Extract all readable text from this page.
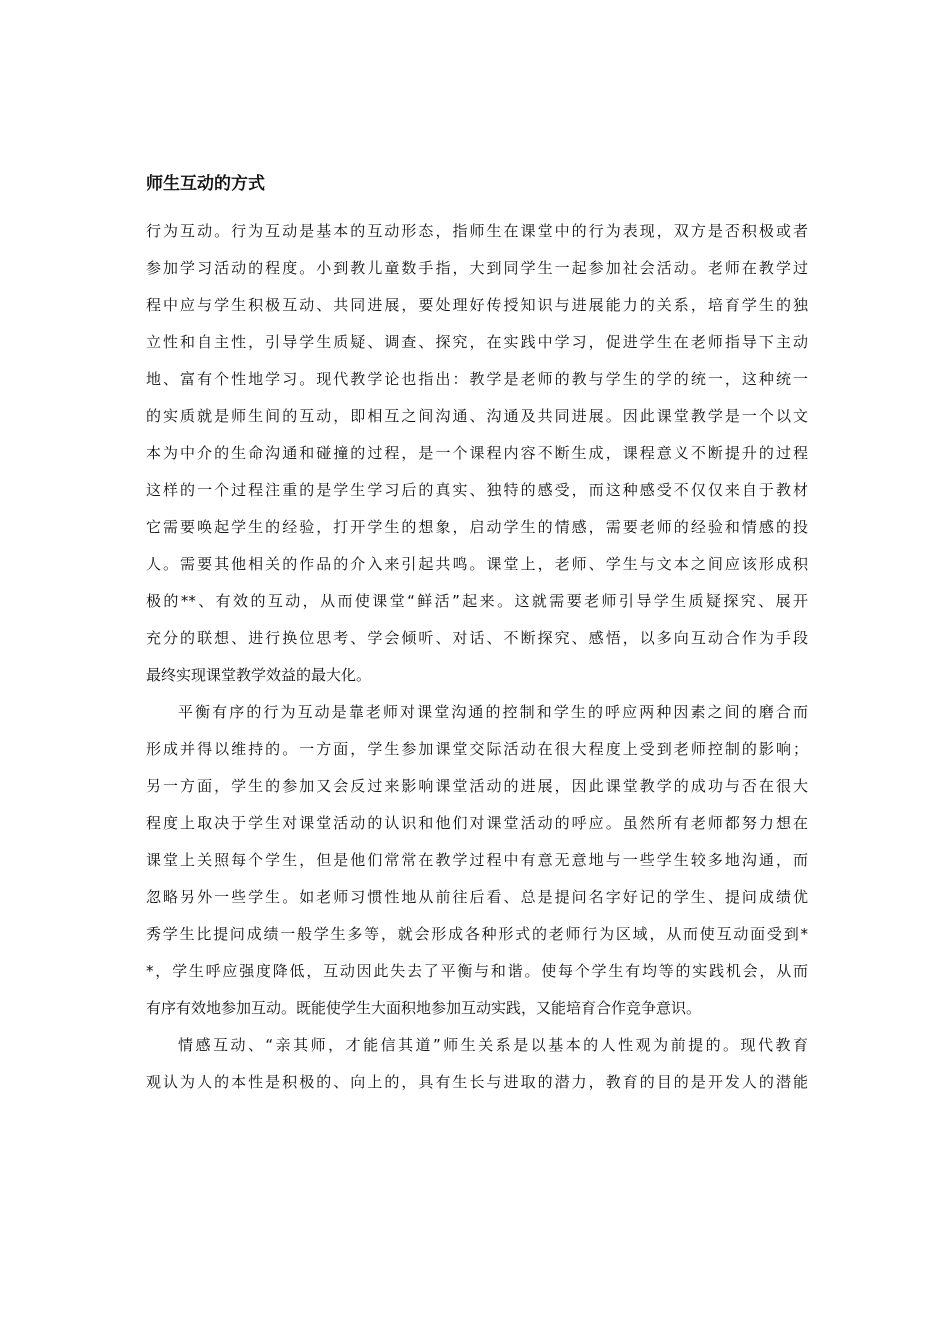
师生互动的方式

行为互动。行为互动是基本的互动形态，指师生在课堂中的行为表现，双方是否积极或者

参加学习活动的程度。小到教儿童数手指，大到同学生一起参加社会活动。老师在教学过

程中应与学生积极互动、共同进展，要处理好传授知识与进展能力的关系，培育学生的独

立性和自主性，引导学生质疑、调查、探究，在实践中学习，促进学生在老师指导下主动

地、富有个性地学习。现代教学论也指出：教学是老师的教与学生的学的统一，这种统一

的实质就是师生间的互动，即相互之间沟通、沟通及共同进展。因此课堂教学是一个以文

本为中介的生命沟通和碰撞的过程，是一个课程内容不断生成，课程意义不断提升的过程

这样的一个过程注重的是学生学习后的真实、独特的感受，而这种感受不仅仅来自于教材

它需要唤起学生的经验，打开学生的想象，启动学生的情感，需要老师的经验和情感的投

人。需要其他相关的作品的介入来引起共鸣。课堂上，老师、学生与文本之间应该形成积

极的**、有效的互动，从而使课堂“鲜活”起来。这就需要老师引导学生质疑探究、展开

充分的联想、进行换位思考、学会倾听、对话、不断探究、感悟，以多向互动合作为手段

最终实现课堂教学效益的最大化。

平衡有序的行为互动是靠老师对课堂沟通的控制和学生的呼应两种因素之间的磨合而

形成并得以维持的。一方面，学生参加课堂交际活动在很大程度上受到老师控制的影响；

另一方面，学生的参加又会反过来影响课堂活动的进展，因此课堂教学的成功与否在很大

程度上取决于学生对课堂活动的认识和他们对课堂活动的呼应。虽然所有老师都努力想在

课堂上关照每个学生，但是他们常常在教学过程中有意无意地与一些学生较多地沟通，而

忽略另外一些学生。如老师习惯性地从前往后看、总是提问名字好记的学生、提问成绩优

秀学生比提问成绩一般学生多等，就会形成各种形式的老师行为区域，从而使互动面受到*

*，学生呼应强度降低，互动因此失去了平衡与和谐。使每个学生有均等的实践机会，从而

有序有效地参加互动。既能使学生大面积地参加互动实践，又能培育合作竞争意识。

情感互动、“亲其师，才能信其道”师生关系是以基本的人性观为前提的。现代教育

观认为人的本性是积极的、向上的，具有生长与进取的潜力，教育的目的是开发人的潜能
